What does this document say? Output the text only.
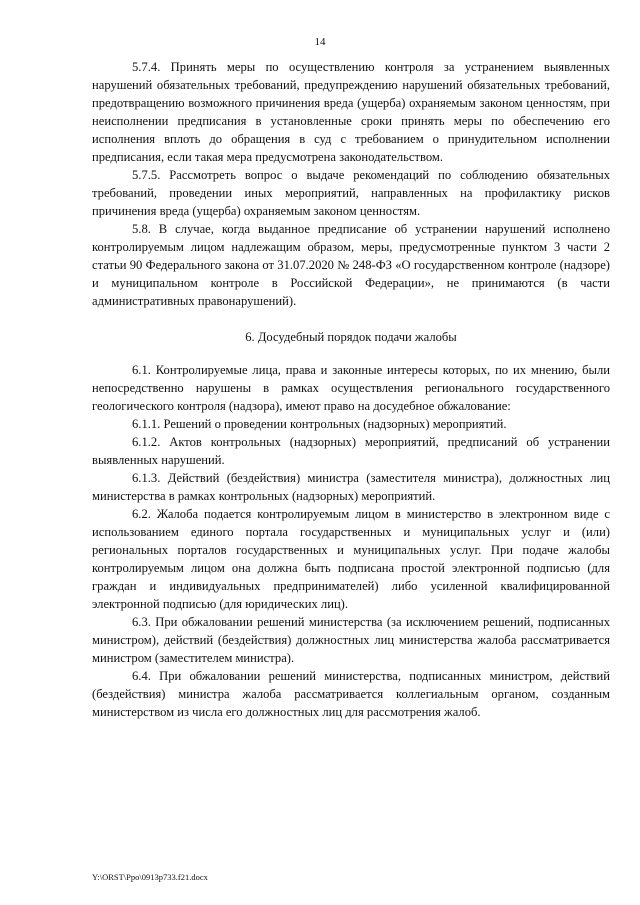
14

5.7.4. Принять меры по осуществлению контроля за устранением выявленных нарушений обязательных требований, предупреждению нарушений обязательных требований, предотвращению возможного причинения вреда (ущерба) охраняемым законом ценностям, при неисполнении предписания в установленные сроки принять меры по обеспечению его исполнения вплоть до обращения в суд с требованием о принудительном исполнении предписания, если такая мера предусмотрена законодательством.

5.7.5. Рассмотреть вопрос о выдаче рекомендаций по соблюдению обязательных требований, проведении иных мероприятий, направленных на профилактику рисков причинения вреда (ущерба) охраняемым законом ценностям.

5.8. В случае, когда выданное предписание об устранении нарушений исполнено контролируемым лицом надлежащим образом, меры, предусмотренные пунктом 3 части 2 статьи 90 Федерального закона от 31.07.2020 № 248-ФЗ «О государственном контроле (надзоре) и муниципальном контроле в Российской Федерации», не принимаются (в части административных правонарушений).

6. Досудебный порядок подачи жалобы

6.1. Контролируемые лица, права и законные интересы которых, по их мнению, были непосредственно нарушены в рамках осуществления регионального государственного геологического контроля (надзора), имеют право на досудебное обжалование:

6.1.1. Решений о проведении контрольных (надзорных) мероприятий.

6.1.2. Актов контрольных (надзорных) мероприятий, предписаний об устранении выявленных нарушений.

6.1.3. Действий (бездействия) министра (заместителя министра), должностных лиц министерства в рамках контрольных (надзорных) мероприятий.

6.2. Жалоба подается контролируемым лицом в министерство в электронном виде с использованием единого портала государственных и муниципальных услуг и (или) региональных порталов государственных и муниципальных услуг. При подаче жалобы контролируемым лицом она должна быть подписана простой электронной подписью (для граждан и индивидуальных предпринимателей) либо усиленной квалифицированной электронной подписью (для юридических лиц).

6.3. При обжаловании решений министерства (за исключением решений, подписанных министром), действий (бездействия) должностных лиц министерства жалоба рассматривается министром (заместителем министра).

6.4. При обжаловании решений министерства, подписанных министром, действий (бездействия) министра жалоба рассматривается коллегиальным органом, созданным министерством из числа его должностных лиц для рассмотрения жалоб.

Y:\ORST\Ppo\0913p733.f21.docx
